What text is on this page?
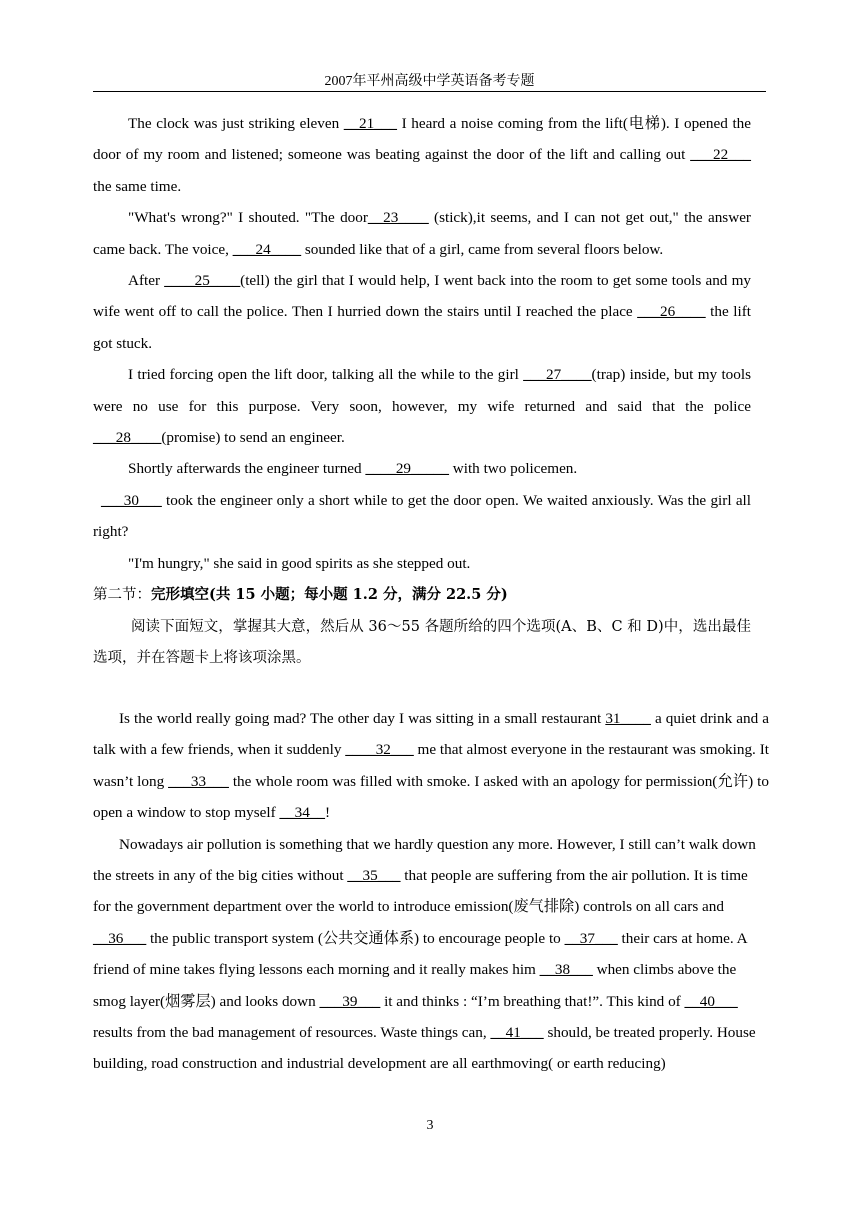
2007年平州高级中学英语备考专题

The clock was just striking eleven __21___ I heard a noise coming from the lift(电梯). I opened the door of my room and listened; someone was beating against the door of the lift and calling out ___22___ the same time.

"What's wrong?" I shouted. "The door__23____ (stick),it seems, and I can not get out," the answer came back. The voice, ___24____ sounded like that of a girl, came from several floors below.

After ____25____(tell) the girl that I would help, I went back into the room to get some tools and my wife went off to call the police. Then I hurried down the stairs until I reached the place ___26____ the lift got stuck.

I tried forcing open the lift door, talking all the while to the girl ___27____(trap) inside, but my tools were no use for this purpose. Very soon, however, my wife returned and said that the police ___28____(promise) to send an engineer.

Shortly afterwards the engineer turned ____29_____ with two policemen.

___30___ took the engineer only a short while to get the door open. We waited anxiously. Was the girl all right?

"I'm hungry," she said in good spirits as she stepped out.

第二节：完形填空(共 15 小题；每小题 1.2 分，满分 22.5 分)

阅读下面短文，掌握其大意，然后从 36～55 各题所给的四个选项(A、B、C 和 D)中，选出最佳选项，并在答题卡上将该项涂黑。

Is the world really going mad? The other day I was sitting in a small restaurant 31____ a quiet drink and a talk with a few friends, when it suddenly ____32___ me that almost everyone in the restaurant was smoking. It wasn’t long ___33___ the whole room was filled with smoke. I asked with an apology for permission(允许) to open a window to stop myself __34__!

Nowadays air pollution is something that we hardly question any more. However, I still can’t walk down the streets in any of the big cities without __35___ that people are suffering from the air pollution. It is time for the government department over the world to introduce emission(废气排除) controls on all cars and __36___ the public transport system (公共交通体系) to encourage people to __37___ their cars at home. A friend of mine takes flying lessons each morning and it really makes him __38___ when climbs above the smog layer(烟雾层) and looks down ___39___ it and thinks : “I’m breathing that!”. This kind of __40___ results from the bad management of resources. Waste things can, __41___ should, be treated properly. House building, road construction and industrial development are all earthmoving( or earth reducing)

3
